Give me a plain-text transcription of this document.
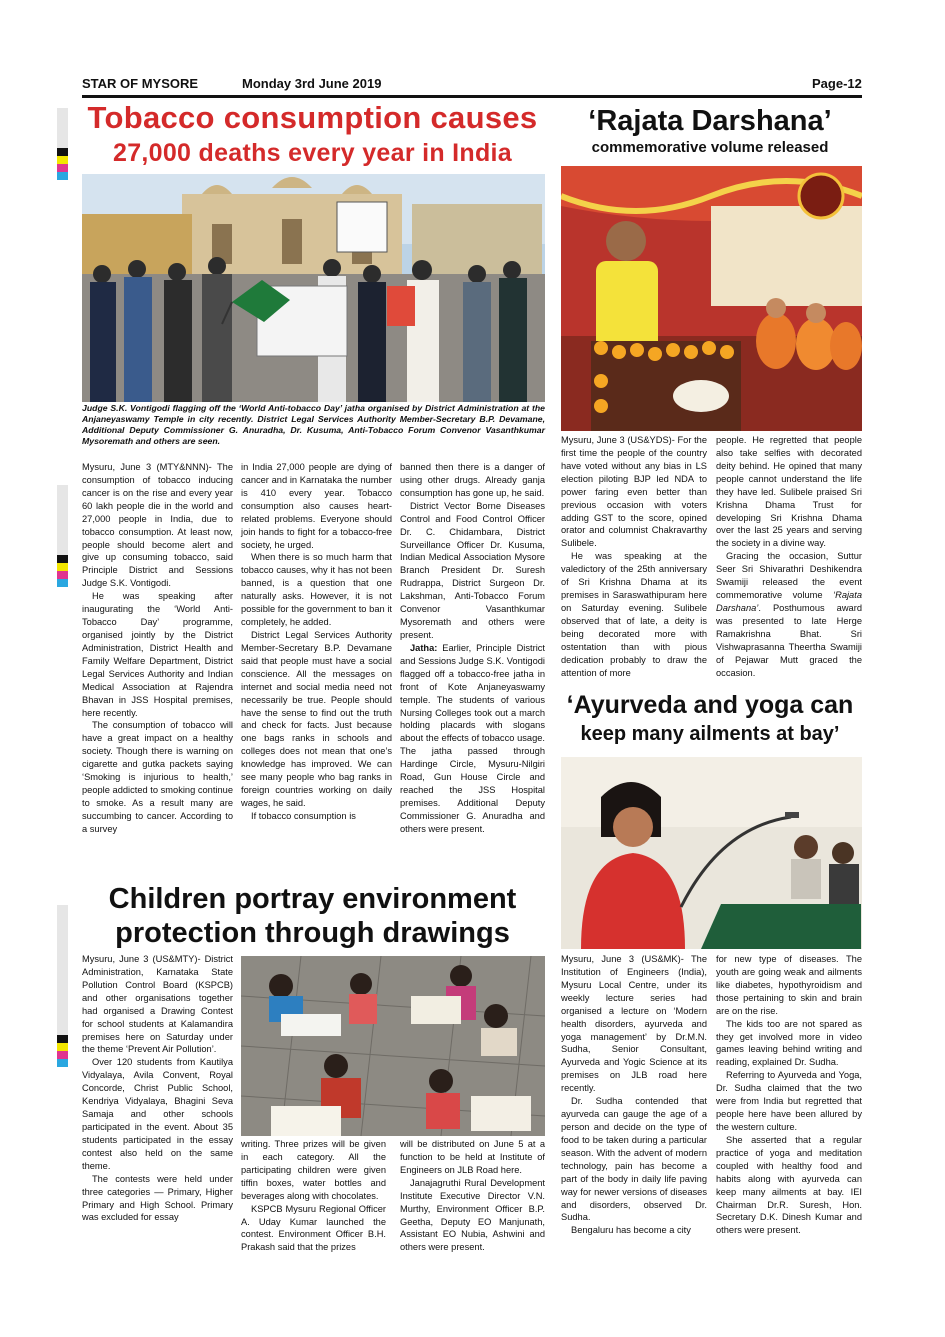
STAR OF MYSORE	Monday 3rd June 2019	Page-12
Tobacco consumption causes
27,000 deaths every year in India
Judge S.K. Vontigodi flagging off the ‘World Anti-tobacco Day’ jatha organised by District Administration at the Anjaneyaswamy Temple in city recently. District Legal Services Authority Member-Secretary B.P. Devamane, Additional Deputy Commissioner G. Anuradha, Dr. Kusuma, Anti-Tobacco Forum Convenor Vasanthkumar Mysoremath and others are seen.

Mysuru, June 3 (MTY&NNN)- The consumption of tobacco inducing cancer is on the rise and every year 60 lakh people die in the world and 27,000 people in India, due to tobacco consumption. At least now, people should become alert and give up consuming tobacco, said Principle District and Sessions Judge S.K. Vontigodi.

He was speaking after inaugurating the ‘World Anti-Tobacco Day’ programme, organised jointly by the District Administration, District Health and Family Welfare Department, District Legal Services Authority and Indian Medical Association at Rajendra Bhavan in JSS Hospital premises, here recently.

The consumption of tobacco will have a great impact on a healthy society. Though there is warning on cigarette and gutka packets saying ‘Smoking is injurious to health,’ people addicted to smoking continue to smoke. As a result many are succumbing to cancer. According to a survey

in India 27,000 people are dying of cancer and in Karnataka the number is 410 every year. Tobacco consumption also causes heart-related problems. Everyone should join hands to fight for a tobacco-free society, he urged.

When there is so much harm that tobacco causes, why it has not been banned, is a question that one naturally asks. However, it is not possible for the government to ban it completely, he added.

District Legal Services Authority Member-Secretary B.P. Devamane said that people must have a social conscience. All the messages on internet and social media need not necessarily be true. People should have the sense to find out the truth and check for facts. Just because one bags ranks in schools and colleges does not mean that one’s knowledge has improved. We can see many people who bag ranks in foreign countries working on daily wages, he said.

If tobacco consumption is

banned then there is a danger of using other drugs. Already ganja consumption has gone up, he said.

District Vector Borne Diseases Control and Food Control Officer Dr. C. Chidambara, District Surveillance Officer Dr. Kusuma, Indian Medical Association Mysore Branch President Dr. Suresh Rudrappa, District Surgeon Dr. Lakshman, Anti-Tobacco Forum Convenor Vasanthkumar Mysoremath and others were present.

Jatha: Earlier, Principle District and Sessions Judge S.K. Vontigodi flagged off a tobacco-free jatha in front of Kote Anjaneyaswamy temple. The students of various Nursing Colleges took out a march holding placards with slogans about the effects of tobacco usage. The jatha passed through Hardinge Circle, Mysuru-Nilgiri Road, Gun House Circle and reached the JSS Hospital premises. Additional Deputy Commissioner G. Anuradha and others were present.

‘Rajata Darshana’
commemorative volume released

Mysuru, June 3 (US&YDS)- For the first time the people of the country have voted without any bias in LS election piloting BJP led NDA to power faring even better than previous occasion with voters adding GST to the score, opined orator and columnist Chakravarthy Sulibele.

He was speaking at the valedictory of the 25th anniversary of Sri Krishna Dhama at its premises in Saraswathipuram here on Saturday evening. Sulibele observed that of late, a deity is being decorated more with ostentation than with pious dedication probably to draw the attention of more

people. He regretted that people also take selfies with decorated deity behind. He opined that many people cannot understand the life they have led. Sulibele praised Sri Krishna Dhama Trust for developing Sri Krishna Dhama over the last 25 years and serving the society in a divine way.

Gracing the occasion, Suttur Seer Sri Shivarathri Deshikendra Swamiji released the event commemorative volume ‘Rajata Darshana’. Posthumous award was presented to late Herge Ramakrishna Bhat. Sri Vishwaprasanna Theertha Swamiji of Pejawar Mutt graced the occasion.

‘Ayurveda and yoga can
keep many ailments at bay’

Mysuru, June 3 (US&MK)- The Institution of Engineers (India), Mysuru Local Centre, under its weekly lecture series had organised a lecture on ‘Modern health disorders, ayurveda and yoga management’ by Dr.M.N. Sudha, Senior Consultant, Ayurveda and Yogic Science at its premises on JLB road here recently.

Dr. Sudha contended that ayurveda can gauge the age of a person and decide on the type of food to be taken during a particular season. With the advent of modern technology, pain has become a part of the body in daily life paving way for newer versions of diseases and disorders, observed Dr. Sudha.

Bengaluru has become a city

for new type of diseases. The youth are going weak and ailments like diabetes, hypothyroidism and those pertaining to skin and brain are on the rise.

The kids too are not spared as they get involved more in video games leaving behind writing and reading, explained Dr. Sudha.

Referring to Ayurveda and Yoga, Dr. Sudha claimed that the two were from India but regretted that people here have been allured by the western culture.

She asserted that a regular practice of yoga and meditation coupled with healthy food and habits along with ayurveda can keep many ailments at bay. IEI Chairman Dr.R. Suresh, Hon. Secretary D.K. Dinesh Kumar and others were present.

Children portray environment
protection through drawings

Mysuru, June 3 (US&MTY)- District Administration, Karnataka State Pollution Control Board (KSPCB) and other organisations together had organised a Drawing Contest for school students at Kalamandira premises here on Saturday under the theme ‘Prevent Air Pollution’.

Over 120 students from Kautilya Vidyalaya, Avila Convent, Royal Concorde, Christ Public School, Kendriya Vidyalaya, Bhagini Seva Samaja and other schools participated in the event. About 35 students participated in the essay contest also held on the same theme.

The contests were held under three categories — Primary, Higher Primary and High School. Primary was excluded for essay

writing. Three prizes will be given in each category. All the participating children were given tiffin boxes, water bottles and beverages along with chocolates.

KSPCB Mysuru Regional Officer A. Uday Kumar launched the contest. Environment Officer B.H. Prakash said that the prizes

will be distributed on June 5 at a function to be held at Institute of Engineers on JLB Road here.

Janajagruthi Rural Development Institute Executive Director V.N. Murthy, Environment Officer B.P. Geetha, Deputy EO Manjunath, Assistant EO Nubia, Ashwini and others were present.
